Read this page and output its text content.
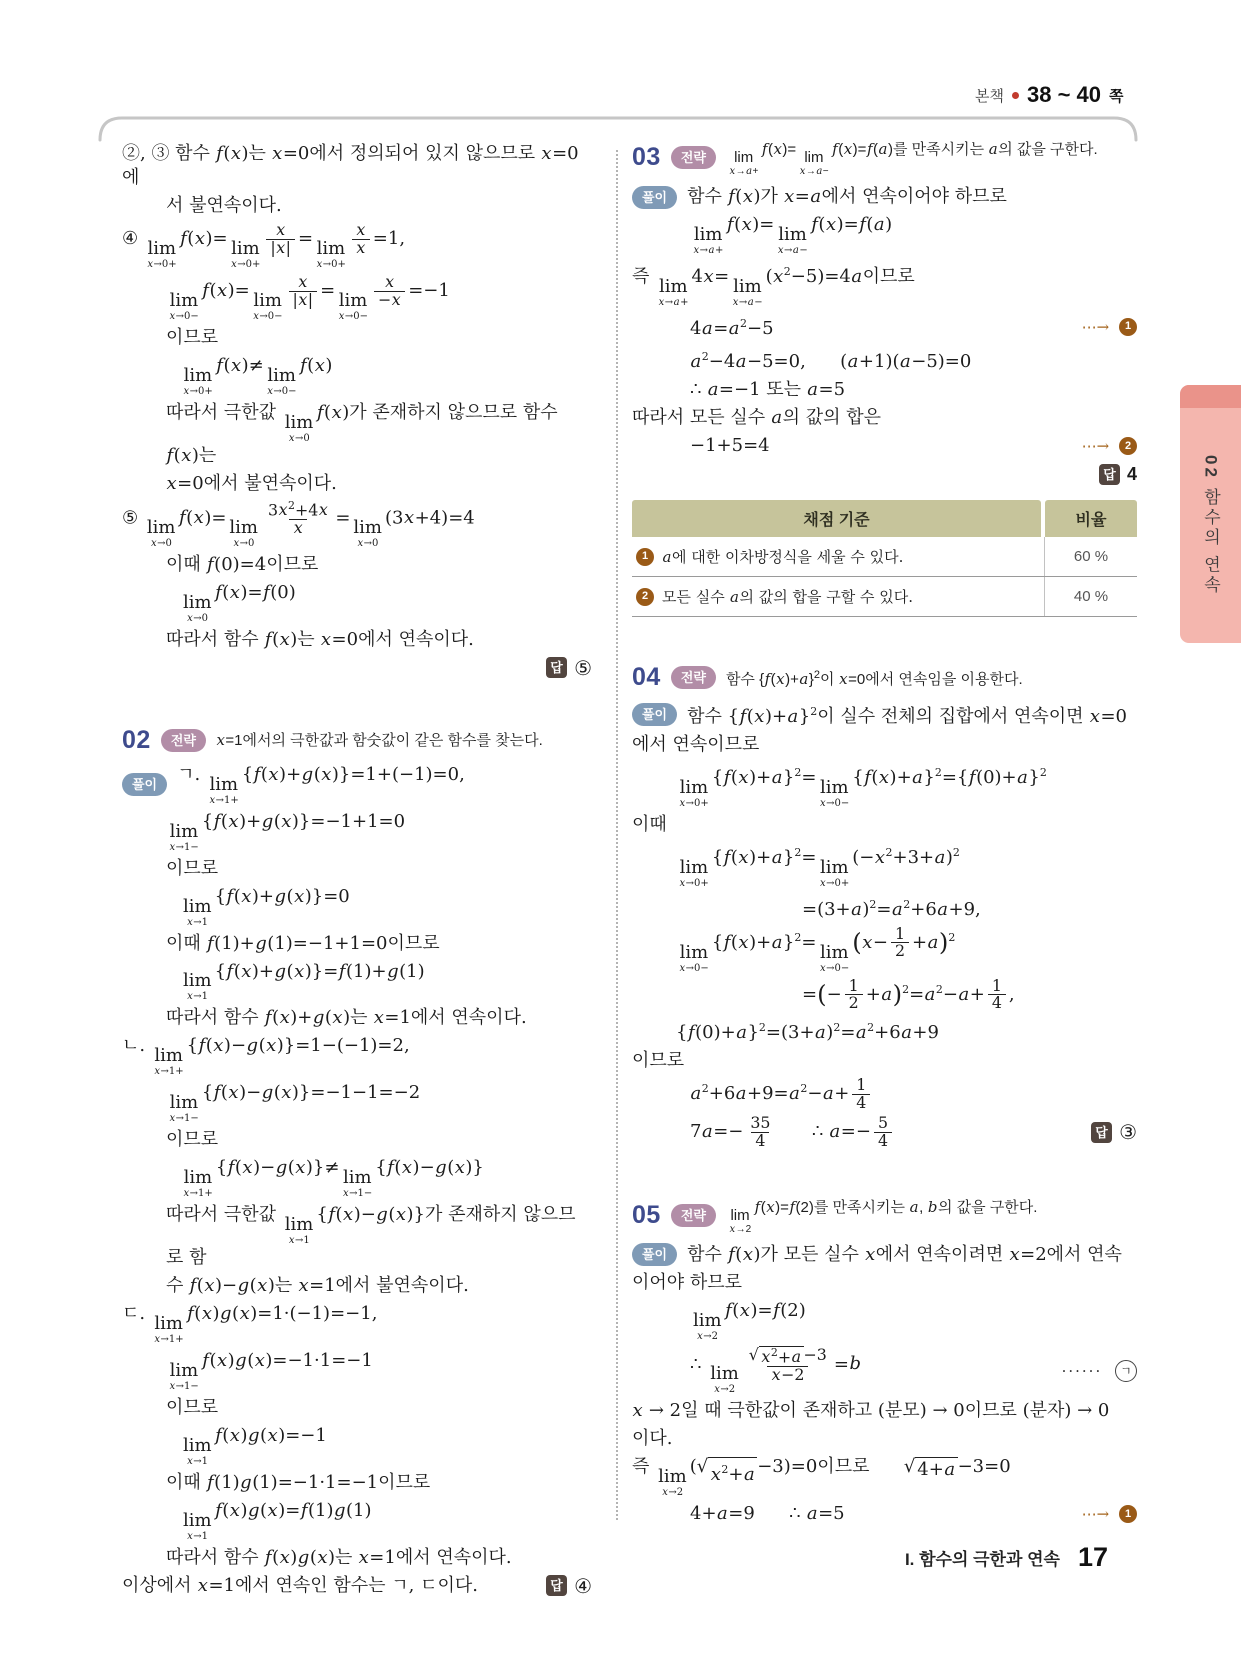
본책 38 ~ 40 쪽
②, ③ 함수 f(x)는 x=0에서 정의되어 있지 않으므로 x=0에
서 불연속이다.
④ lim
x→0+
f(x)= lim
x→0+
$\frac{x}{|x|} = \lim$
x→0+
$\frac{x}{x} =1$,
lim
x→0−
f(x)= lim
x→0−
$\frac{x}{|x|} = \lim$
x→0−
$\frac{x}{-x} =-1$
이므로
lim
x→0+
f(x)≠ lim
x→0−
f(x)
따라서 극한값 lim
x→0
f(x)가 존재하지 않으므로 함수 f(x)는
x=0에서 불연속이다.
⑤ lim
x→0
f(x)= lim
x→0
$\frac{3x^2+4x}{x} = \lim$
x→0
(3x+4)=4
이때 f(0)=4이므로
lim
x→0
f(x)=f(0)
따라서 함수 f(x)는 x=0에서 연속이다.
답 ⑤
02	전략	x=1에서의 극한값과 함숫값이 같은 함수를 찾는다.
풀이	ㄱ. lim
x→1+
{f(x)+g(x)}=1+(−1)=0,
lim
x→1−
{f(x)+g(x)}=−1+1=0
이므로
lim
x→1
{f(x)+g(x)}=0
이때 f(1)+g(1)=−1+1=0이므로
lim
x→1
{f(x)+g(x)}=f(1)+g(1)
따라서 함수 f(x)+g(x)는 x=1에서 연속이다.
ㄴ. lim
x→1+
{f(x)−g(x)}=1−(−1)=2,
lim
x→1−
{f(x)−g(x)}=−1−1=−2
이므로
lim
x→1+
{f(x)−g(x)}≠ lim
x→1−
{f(x)−g(x)}
따라서 극한값 lim
x→1
{f(x)−g(x)}가 존재하지 않으므로 함
수 f(x)−g(x)는 x=1에서 불연속이다.
ㄷ. lim
x→1+
f(x)g(x)=1·(−1)=−1,
lim
x→1−
f(x)g(x)=−1·1=−1
이므로
lim
x→1
f(x)g(x)=−1
이때 f(1)g(1)=−1·1=−1이므로
lim
x→1
f(x)g(x)=f(1)g(1)
따라서 함수 f(x)g(x)는 x=1에서 연속이다.
이상에서 x=1에서 연속인 함수는 ㄱ, ㄷ이다.	답 ④
03	전략	lim
x→a+
f(x)= lim
x→a−
f(x)=f(a)를 만족시키는 a의 값을 구한다.
풀이	함수 f(x)가 x=a에서 연속이어야 하므로
lim
x→a+
f(x)= lim
x→a−
f(x)=f(a)
즉 lim
x→a+
4x= lim
x→a−
$(x^2-5)=4a$이므로
$4a=a^2-5$	⋯→ 1
$a^2-4a-5=0$,      (a+1)(a−5)=0
∴ a=−1 또는 a=5
따라서 모든 실수 a의 값의 합은
−1+5=4	⋯→ 2
답 4
채점 기준	비율
1 a에 대한 이차방정식을 세울 수 있다.	60 %
2 모든 실수 a의 값의 합을 구할 수 있다.	40 %
04	전략	함수 $\{f(x)+a\}^2$이 x=0에서 연속임을 이용한다.
풀이	함수 $\{f(x)+a\}^2$이 실수 전체의 집합에서 연속이면 x=0
에서 연속이므로
lim
x→0+
$\{f(x)+a\}^2= \lim$
x→0−
$\{f(x)+a\}^2=\{f(0)+a\}^2$
이때
lim
x→0+
$\{f(x)+a\}^2= \lim$
x→0+
$(-x^2+3+a)^2$
$=(3+a)^2=a^2+6a+9$,
lim
x→0−
$\{f(x)+a\}^2= \lim$
x→0−
$(x- \frac{1}{2} +a)^2$
=(− $\frac{1}{2} +a)^2=a^2-a+ \frac{1}{4}$ ,
$\{f(0)+a\}^2=(3+a)^2=a^2+6a+9$
이므로
$a^2+6a+9=a^2-a+ \frac{1}{4}$
$7a=- \frac{35}{4}$ ∴ $a=- \frac{5}{4}$	답 ③
05	전략	lim
x→2
f(x)=f(2)를 만족시키는 a, b의 값을 구한다.
풀이	함수 f(x)가 모든 실수 x에서 연속이려면 x=2에서 연속
이어야 하므로
lim
x→2
f(x)=f(2)
∴ lim
x→2
$\frac{√ x^2+a -3}{x-2} =b$	······ ㄱ
x → 2일 때 극한값이 존재하고 (분모) → 0이므로 (분자) → 0
이다.
즉 lim
x→2
( √ $x^2+a -3)=0$이므로 √ 4+a −3=0
4+a=9      ∴ a=5	⋯→ 1
02
함수의 연속
I. 함수의 극한과 연속 17
